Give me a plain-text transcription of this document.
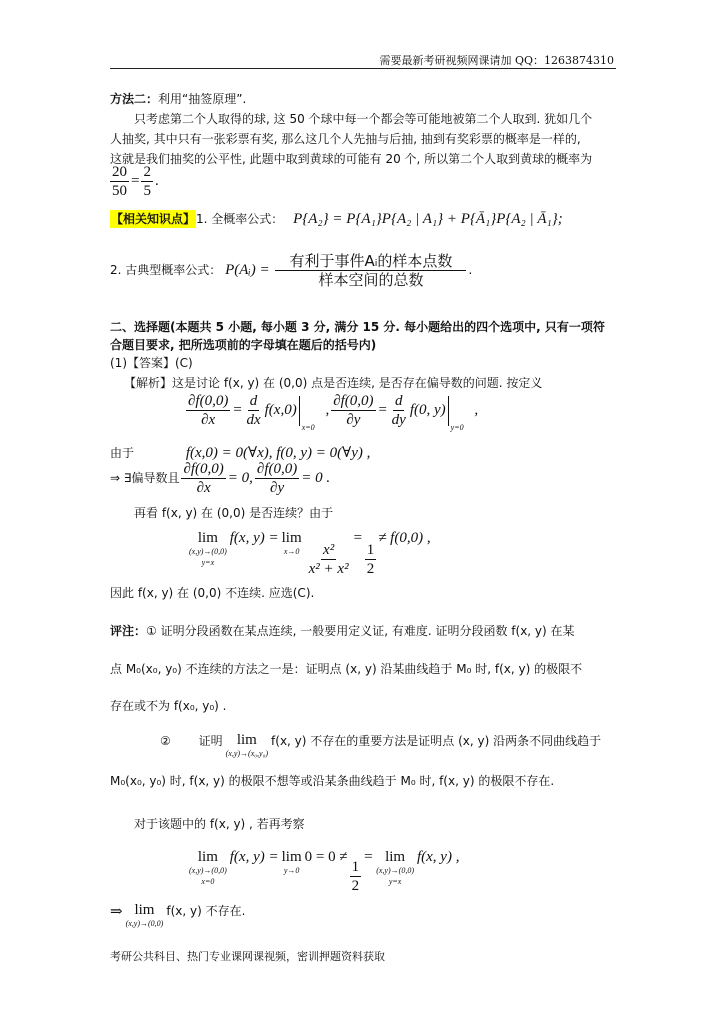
需要最新考研视频网课请加 QQ：1263874310
方法二：利用“抽签原理”.
只考虑第二个人取得的球, 这 50 个球中每一个都会等可能地被第二个人取到. 犹如几个
人抽奖, 其中只有一张彩票有奖, 那么这几个人先抽与后抽, 抽到有奖彩票的概率是一样的,
这就是我们抽奖的公平性, 此题中取到黄球的可能有 20 个, 所以第二个人取到黄球的概率为
$\frac{20}{50} = \frac{2}{5}$ .
【相关知识点】1. 全概率公式： P{A₂} = P{A₁}P{A₂ | A₁} + P{Ā₁}P{A₂ | Ā₁};
2. 古典型概率公式： P(Aᵢ) = $\frac{\text{有利于事件Aᵢ的样本点数}}{\text{样本空间的总数}}$ .
二、选择题(本题共 5 小题, 每小题 3 分, 满分 15 分. 每小题给出的四个选项中, 只有一项符
合题目要求, 把所选项前的字母填在题后的括号内)
(1)【答案】(C)
【解析】这是讨论 f(x, y) 在 (0,0) 点是否连续, 是否存在偏导数的问题. 按定义
$\frac{\partial f(0,0)}{\partial x} = \frac{d}{dx} f(x,0)$
x=0
, $\frac{\partial f(0,0)}{\partial y} = \frac{d}{dy} f(0$, y)
y=0
,
由于	f(x,0) = 0(∀x), f(0, y) = 0(∀y) ,
⇒ ∃偏导数且 $\frac{\partial f(0,0)}{\partial x} = 0$, $\frac{\partial f(0,0)}{\partial y} = 0$ .
再看 f(x, y) 在 (0,0) 是否连续？由于
lim
(x,y)→(0,0)
y=x
f(x, y) = lim
$x\to 0 \frac{\text{x²}}{\text{x² + x²}}$
=
$\frac{1}{2}$
≠ f(0,0) ,
因此 f(x, y) 在 (0,0) 不连续. 应选(C).
评注：① 证明分段函数在某点连续, 一般要用定义证, 有难度. 证明分段函数 f(x, y) 在某
点 M₀(x₀, y₀) 不连续的方法之一是：证明点 (x, y) 沿某曲线趋于 M₀ 时, f(x, y) 的极限不
存在或不为 f(x₀, y₀) .
② 证明 lim
(x,y)→(x₀,y₀)
f(x, y) 不存在的重要方法是证明点 (x, y) 沿两条不同曲线趋于
M₀(x₀, y₀) 时, f(x, y) 的极限不想等或沿某条曲线趋于 M₀ 时, f(x, y) 的极限不存在.
对于该题中的 f(x, y) , 若再考察
lim
(x,y)→(0,0)
x=0
f(x, y) = lim
y→0
0 = 0 ≠
$\frac{1}{2}$
= lim
(x,y)→(0,0)
y=x
f(x, y) ,
⇒ lim
(x,y)→(0,0)
f(x, y) 不存在.
考研公共科目、热门专业课网课视频，密训押题资料获取
